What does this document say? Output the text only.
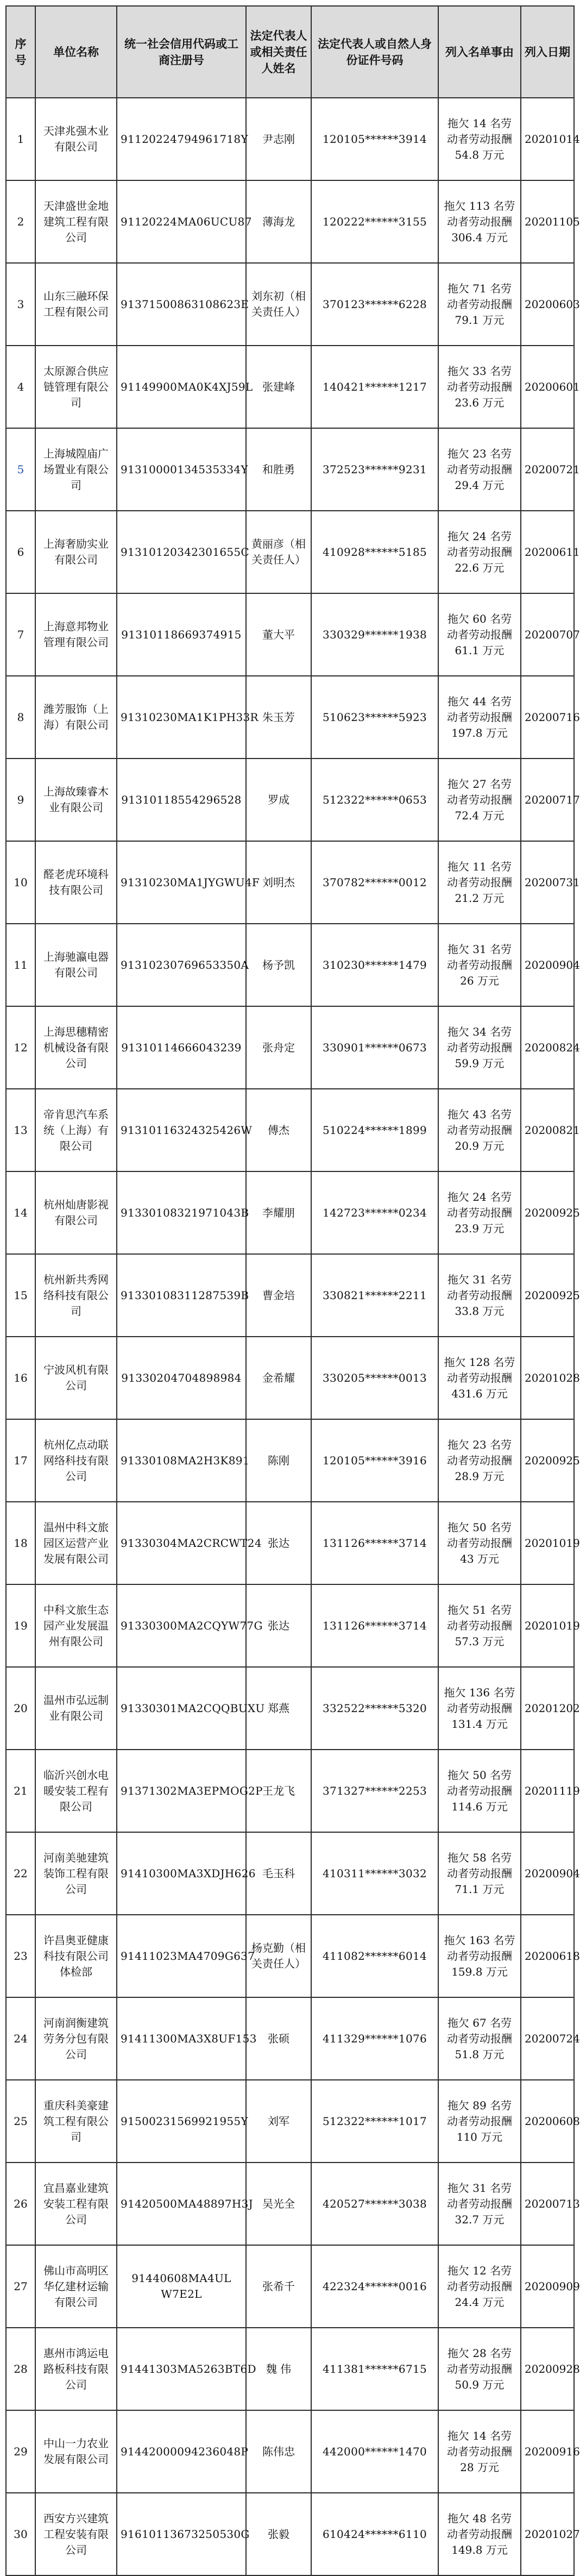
序号	单位名称	统一社会信用代码或工商注册号	法定代表人或相关责任人姓名	法定代表人或自然人身份证件号码	列入名单事由	列入日期
1	天津兆强木业有限公司	91120224794961718Y	尹志刚	120105******3914	拖欠 14 名劳动者劳动报酬 54.8 万元	20201014
2	天津盛世金地建筑工程有限公司	91120224MA06UCU87	薄海龙	120222******3155	拖欠 113 名劳动者劳动报酬 306.4 万元	20201105
3	山东三融环保工程有限公司	91371500863108623E	刘东初（相关责任人）	370123******6228	拖欠 71 名劳动者劳动报酬 79.1 万元	20200603
4	太原源合供应链管理有限公司	91149900MA0K4XJ59L	张建峰	140421******1217	拖欠 33 名劳动者劳动报酬 23.6 万元	20200601
5	上海城隍庙广场置业有限公司	91310000134535334Y	和胜勇	372523******9231	拖欠 23 名劳动者劳动报酬 29.4 万元	20200721
6	上海奢励实业有限公司	91310120342301655C	黄丽彦（相关责任人）	410928******5185	拖欠 24 名劳动者劳动报酬 22.6 万元	20200611
7	上海意邦物业管理有限公司	91310118669374915	董大平	330329******1938	拖欠 60 名劳动者劳动报酬 61.1 万元	20200707
8	潍芳服饰（上海）有限公司	91310230MA1K1PH33R	朱玉芳	510623******5923	拖欠 44 名劳动者劳动报酬 197.8 万元	20200716
9	上海故臻睿木业有限公司	91310118554296528	罗成	512322******0653	拖欠 27 名劳动者劳动报酬 72.4 万元	20200717
10	醛老虎环境科技有限公司	91310230MA1JYGWU4F	刘明杰	370782******0012	拖欠 11 名劳动者劳动报酬 21.2 万元	20200731
11	上海驰瀛电器有限公司	91310230769653350A	杨予凯	310230******1479	拖欠 31 名劳动者劳动报酬 26 万元	20200904
12	上海思穗精密机械设备有限公司	91310114666043239	张舟定	330901******0673	拖欠 34 名劳动者劳动报酬 59.9 万元	20200824
13	帝肯思汽车系统（上海）有限公司	91310116324325426W	傅杰	510224******1899	拖欠 43 名劳动者劳动报酬 20.9 万元	20200821
14	杭州灿唐影视有限公司	91330108321971043B	李耀朋	142723******0234	拖欠 24 名劳动者劳动报酬 23.9 万元	20200925
15	杭州新共秀网络科技有限公司	91330108311287539B	曹金培	330821******2211	拖欠 31 名劳动者劳动报酬 33.8 万元	20200925
16	宁波风机有限公司	91330204704898984	金希耀	330205******0013	拖欠 128 名劳动者劳动报酬 431.6 万元	20201028
17	杭州亿点动联网络科技有限公司	91330108MA2H3K891	陈刚	120105******3916	拖欠 23 名劳动者劳动报酬 28.9 万元	20200925
18	温州中科文旅园区运营产业发展有限公司	91330304MA2CRCWT24	张达	131126******3714	拖欠 50 名劳动者劳动报酬 43 万元	20201019
19	中科文旅生态园产业发展温州有限公司	91330300MA2CQYW77G	张达	131126******3714	拖欠 51 名劳动者劳动报酬 57.3 万元	20201019
20	温州市弘远制业有限公司	91330301MA2CQQBUXU	郑燕	332522******5320	拖欠 136 名劳动者劳动报酬 131.4 万元	20201202
21	临沂兴创水电暖安装工程有限公司	91371302MA3EPMOG2P	王龙飞	371327******2253	拖欠 50 名劳动者劳动报酬 114.6 万元	20201119
22	河南美驰建筑装饰工程有限公司	91410300MA3XDJH626	毛玉科	410311******3032	拖欠 58 名劳动者劳动报酬 71.1 万元	20200904
23	许昌奥亚健康科技有限公司体检部	91411023MA4709G637	杨克勤（相关责任人）	411082******6014	拖欠 163 名劳动者劳动报酬 159.8 万元	20200618
24	河南润衡建筑劳务分包有限公司	91411300MA3X8UF153	张硕	411329******1076	拖欠 67 名劳动者劳动报酬 51.8 万元	20200724
25	重庆科美豪建筑工程有限公司	91500231569921955Y	刘军	512322******1017	拖欠 89 名劳动者劳动报酬 110 万元	20200608
26	宜昌嘉业建筑安装工程有限公司	91420500MA48897H3J	吴光全	420527******3038	拖欠 31 名劳动者劳动报酬 32.7 万元	20200713
27	佛山市高明区华亿建材运输有限公司	91440608MA4UL W7E2L	张希千	422324******0016	拖欠 12 名劳动者劳动报酬 24.4 万元	20200909
28	惠州市鸿运电路板科技有限公司	91441303MA5263BT6D	魏 伟	411381******6715	拖欠 28 名劳动者劳动报酬 50.9 万元	20200928
29	中山一力农业发展有限公司	91442000094236048P	陈伟忠	442000******1470	拖欠 14 名劳动者劳动报酬 28 万元	20200916
30	西安方兴建筑工程安装有限公司	91610113673250530G	张毅	610424******6110	拖欠 48 名劳动者劳动报酬 149.8 万元	20201027
